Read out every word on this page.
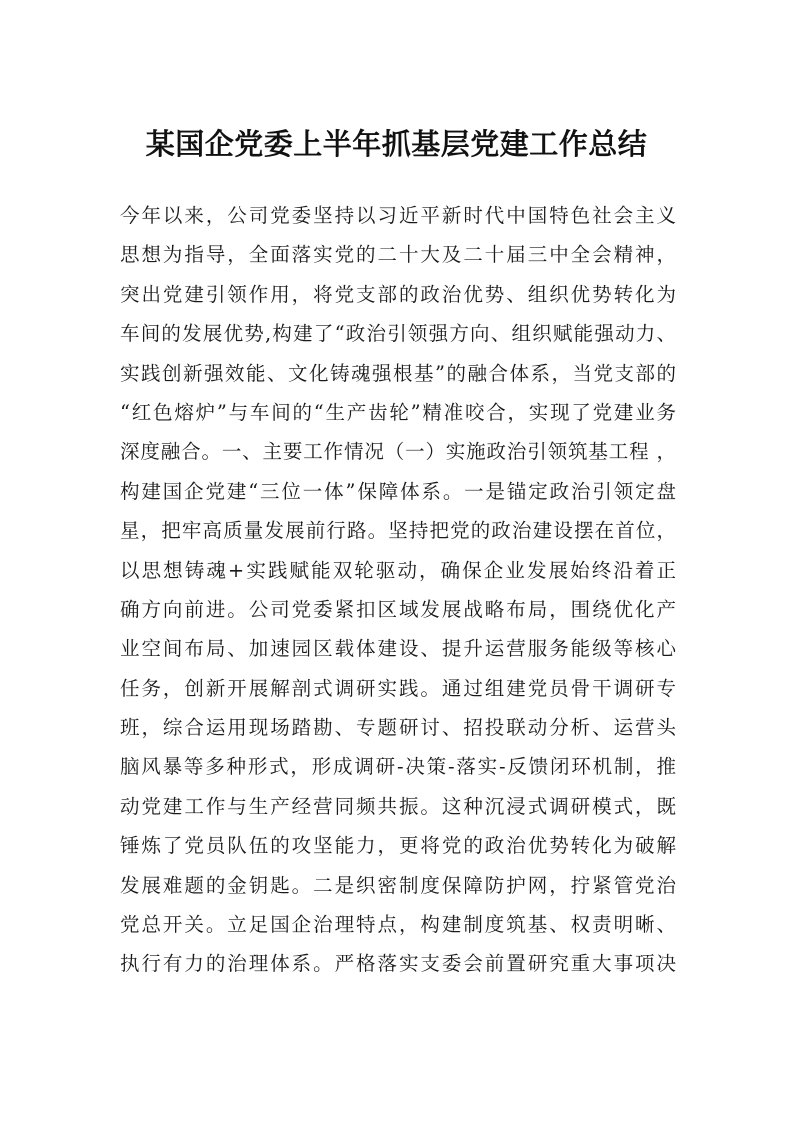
某国企党委上半年抓基层党建工作总结
今年以来，公司党委坚持以习近平新时代中国特色社会主义
思想为指导，全面落实党的二十大及二十届三中全会精神，
突出党建引领作用，将党支部的政治优势、组织优势转化为
车间的发展优势,构建了“政治引领强方向、组织赋能强动力、
实践创新强效能、文化铸魂强根基”的融合体系，当党支部的
“红色熔炉”与车间的“生产齿轮”精准咬合，实现了党建业务
深度融合。一、主要工作情况（一）实施政治引领筑基工程 ，
构建国企党建“三位一体”保障体系。一是锚定政治引领定盘
星，把牢高质量发展前行路。坚持把党的政治建设摆在首位，
以思想铸魂+实践赋能双轮驱动，确保企业发展始终沿着正
确方向前进。公司党委紧扣区域发展战略布局，围绕优化产
业空间布局、加速园区载体建设、提升运营服务能级等核心
任务，创新开展解剖式调研实践。通过组建党员骨干调研专
班，综合运用现场踏勘、专题研讨、招投联动分析、运营头
脑风暴等多种形式，形成调研-决策-落实-反馈闭环机制，推
动党建工作与生产经营同频共振。这种沉浸式调研模式，既
锤炼了党员队伍的攻坚能力，更将党的政治优势转化为破解
发展难题的金钥匙。二是织密制度保障防护网，拧紧管党治
党总开关。立足国企治理特点，构建制度筑基、权责明晰、
执行有力的治理体系。严格落实支委会前置研究重大事项决
